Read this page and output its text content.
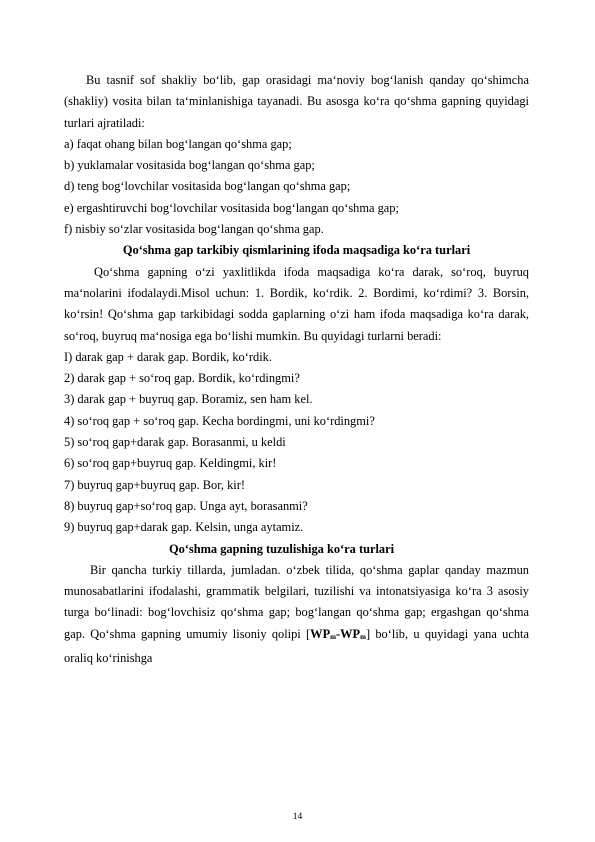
Bu tasnif sof shakliy bo‘lib, gap orasidagi ma‘noviy bog‘lanish qanday qo‘shimcha (shakliy) vosita bilan ta‘minlanishiga tayanadi. Bu asosga ko‘ra qo‘shma gapning quyidagi turlari ajratiladi:

a) faqat ohang bilan bog‘langan qo‘shma gap;

b) yuklamalar vositasida bog‘langan qo‘shma gap;

d) teng bog‘lovchilar vositasida bog‘langan qo‘shma gap;

e) ergashtiruvchi bog‘lovchilar vositasida bog‘langan qo‘shma gap;

f) nisbiy so‘zlar vositasida bog‘langan qo‘shma gap.

Qo‘shma gap tarkibiy qismlarining ifoda maqsadiga ko‘ra turlari

Qo‘shma gapning o‘zi yaxlitlikda ifoda maqsadiga ko‘ra darak, so‘roq, buyruq ma‘nolarini ifodalaydi.Misol uchun: 1. Bordik, ko‘rdik. 2. Bordimi, ko‘rdimi? 3. Borsin, ko‘rsin! Qo‘shma gap tarkibidagi sodda gaplarning o‘zi ham ifoda maqsadiga ko‘ra darak, so‘roq, buyruq ma‘nosiga ega bo‘lishi mumkin. Bu quyidagi turlarni beradi:

I) darak gap + darak gap. Bordik, ko‘rdik.

2) darak gap + so‘roq gap. Bordik, ko‘rdingmi?

3) darak gap + buyruq gap. Boramiz, sen ham kel.

4) so‘roq gap + so‘roq gap. Kecha bordingmi, uni ko‘rdingmi?

5) so‘roq gap+darak gap. Borasanmi, u keldi

6) so‘roq gap+buyruq gap. Keldingmi, kir!

7) buyruq gap+buyruq gap. Bor, kir!

8) buyruq gap+so‘roq gap. Unga ayt, borasanmi?

9) buyruq gap+darak gap. Kelsin, unga aytamiz.

Qo‘shma gapning tuzulishiga ko‘ra turlari

Bir qancha turkiy tillarda, jumladan. o‘zbek tilida, qo‘shma gaplar qanday mazmun munosabatlarini ifodalashi, grammatik belgilari, tuzilishi va intonatsiyasiga ko‘ra 3 asosiy turga bo‘linadi: bog‘lovchisiz qo‘shma gap; bog‘langan qo‘shma gap; ergashgan qo‘shma gap. Qo‘shma gapning umumiy lisoniy qolipi $[WP_m-WP_m]$ bo‘lib, u quyidagi yana uchta oraliq ko‘rinishga

14
